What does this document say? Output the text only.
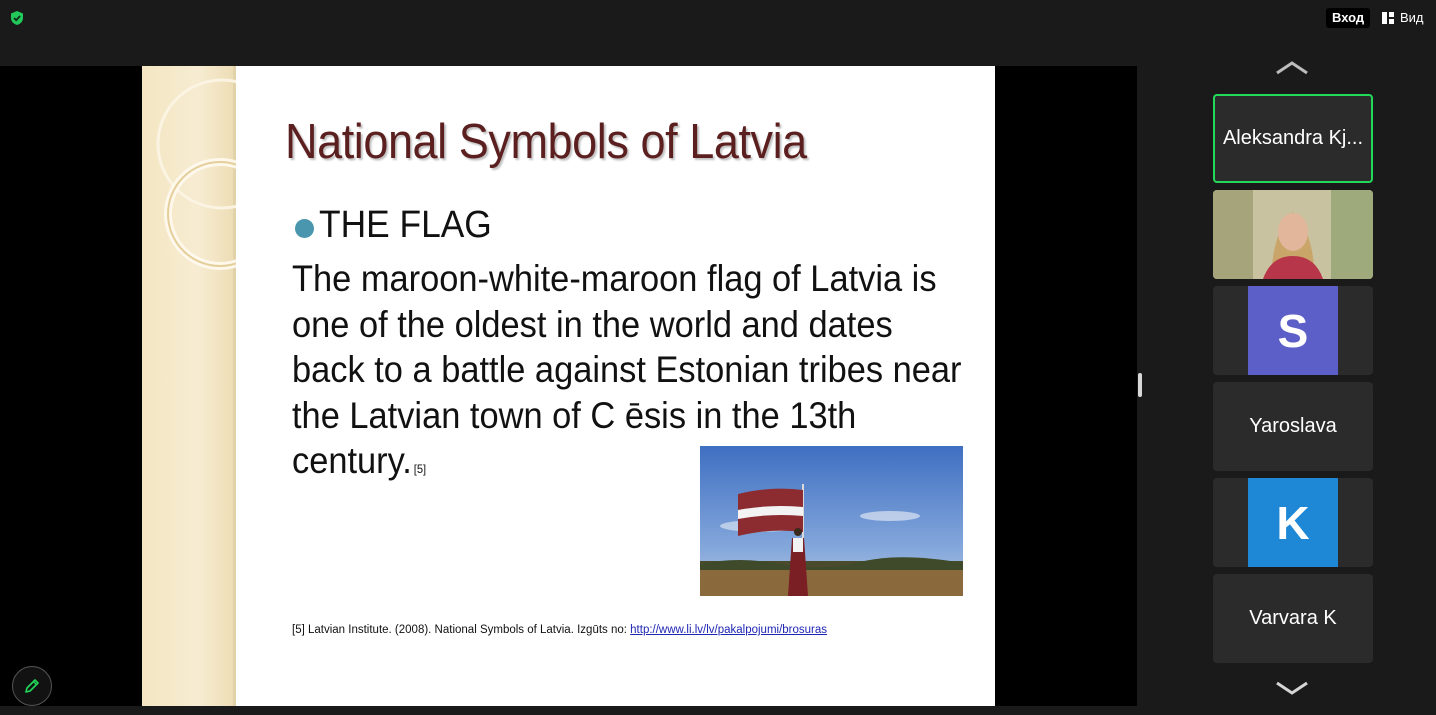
Вход	Вид
National Symbols of Latvia
THE FLAG
The maroon-white-maroon flag of Latvia is
one of the oldest in the world and dates
back to a battle against Estonian tribes near
the Latvian town of C ēsis in the 13th
century. [5]
[5] Latvian Institute. (2008). National Symbols of Latvia. Izgūts no: http://www.li.lv/lv/pakalpojumi/brosuras
Aleksandra Kj...
S
Yaroslava
K
Varvara K
